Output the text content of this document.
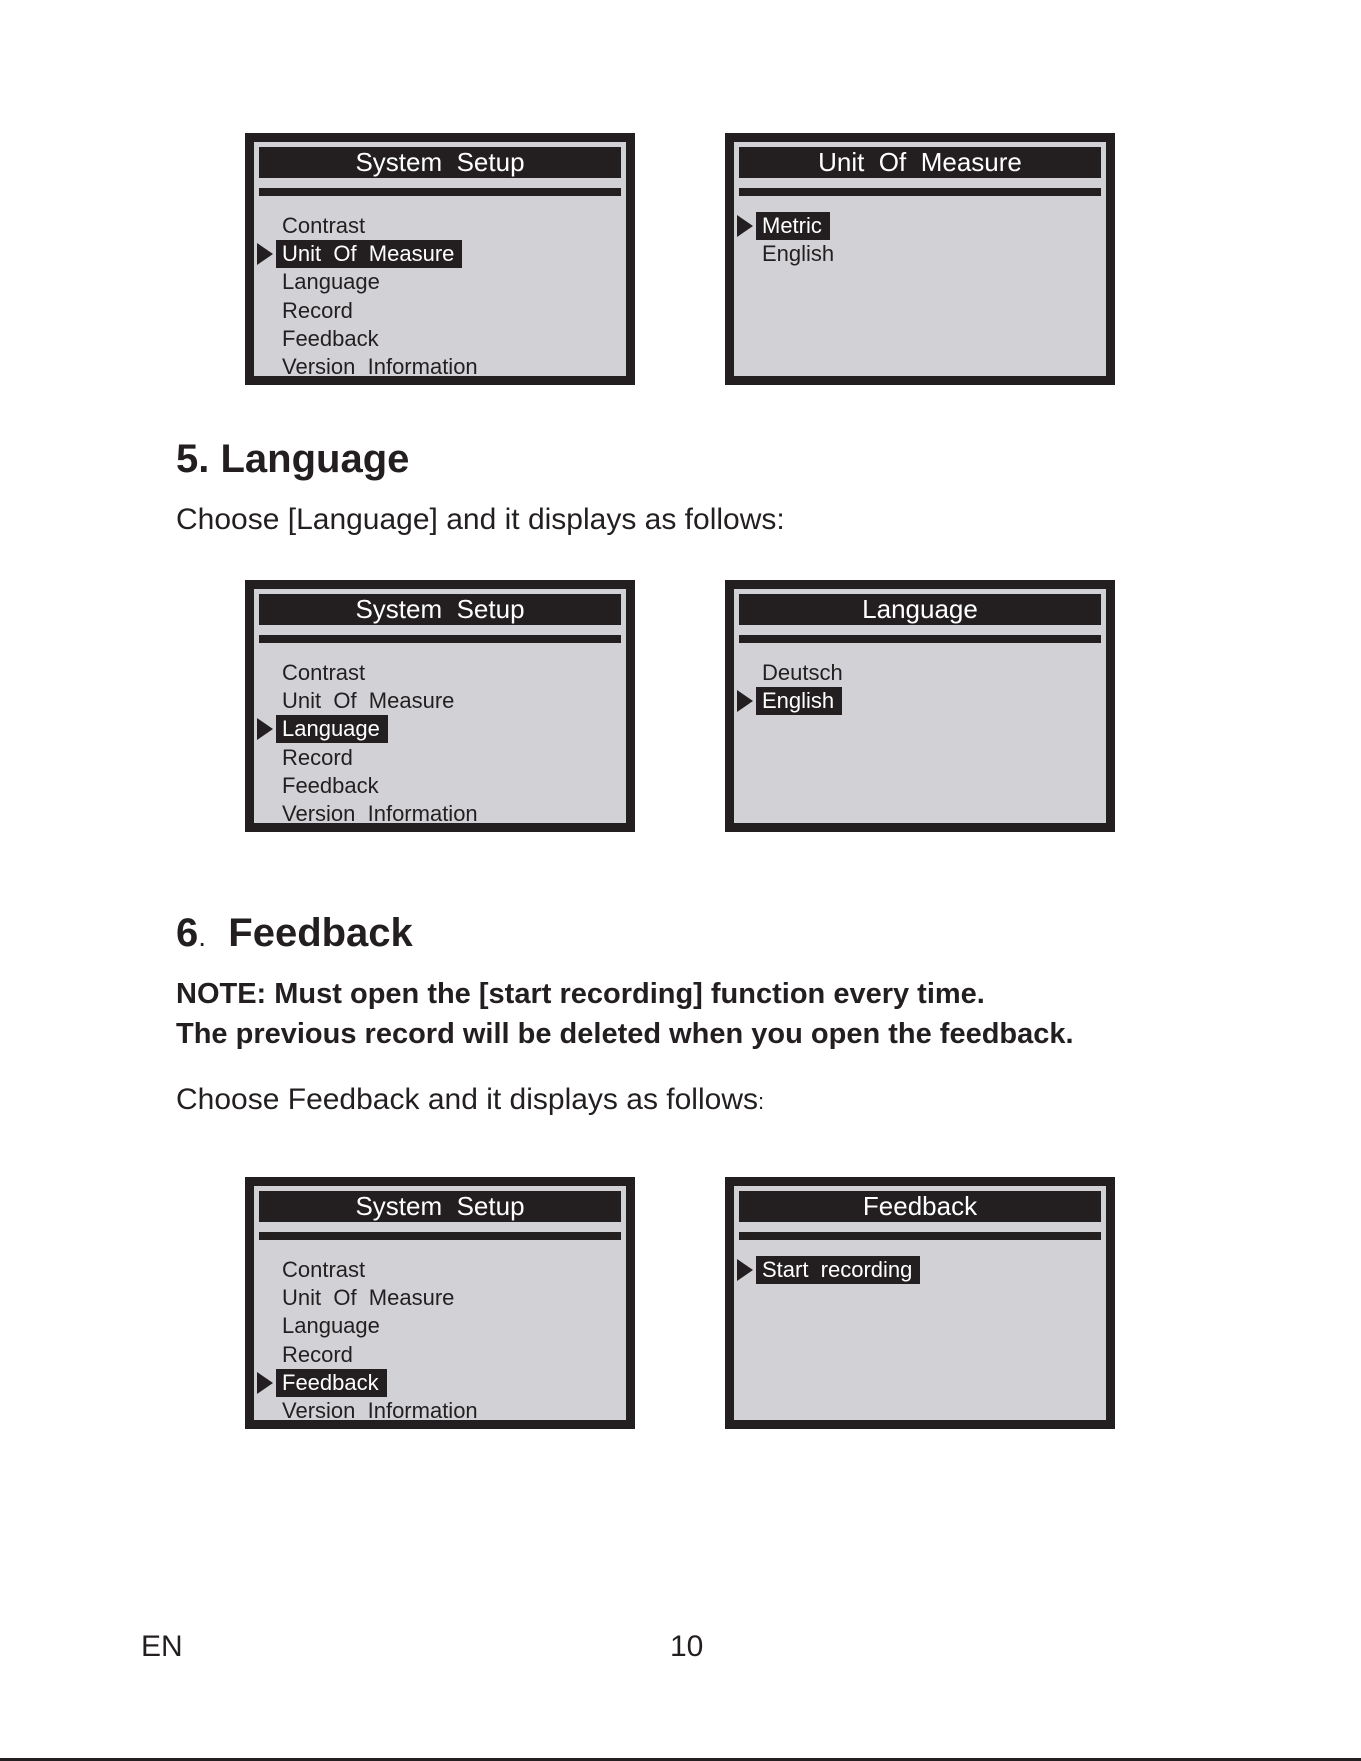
System  Setup
Contrast
Unit  Of  Measure
Language
Record
Feedback
Version  Information
Unit  Of  Measure
Metric
English
5. Language

Choose [Language] and it displays as follows:

System  Setup
Contrast
Unit  Of  Measure
Language
Record
Feedback
Version  Information
Language
Deutsch
English
6. Feedback

NOTE: Must open the [start recording] function every time.

The previous record will be deleted when you open the feedback.

Choose Feedback and it displays as follows:

System  Setup
Contrast
Unit  Of  Measure
Language
Record
Feedback
Version  Information
Feedback
Start  recording

EN	10
